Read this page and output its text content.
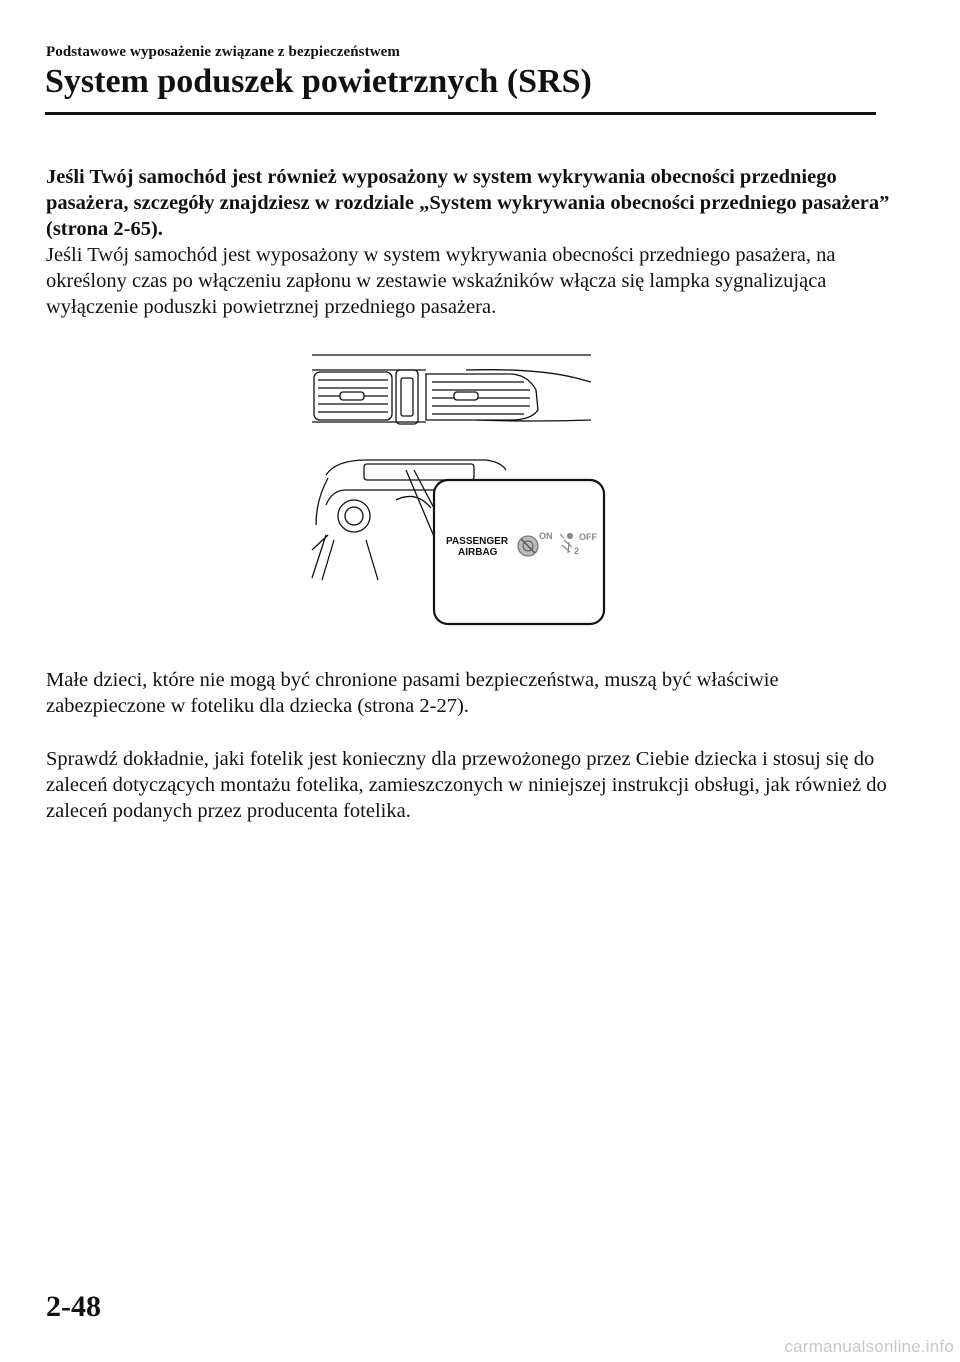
Podstawowe wyposażenie związane z bezpieczeństwem
System poduszek powietrznych (SRS)

Jeśli Twój samochód jest również wyposażony w system wykrywania obecności przedniego pasażera, szczegóły znajdziesz w rozdziale „System wykrywania obecności przedniego pasażera” (strona 2-65).

Jeśli Twój samochód jest wyposażony w system wykrywania obecności przedniego pasażera, na określony czas po włączeniu zapłonu w zestawie wskaźników włącza się lampka sygnalizująca wyłączenie poduszki powietrznej przedniego pasażera.

PASSENGER
AIRBAG
ON	OFF
2

Małe dzieci, które nie mogą być chronione pasami bezpieczeństwa, muszą być właściwie zabezpieczone w foteliku dla dziecka (strona 2-27).

Sprawdź dokładnie, jaki fotelik jest konieczny dla przewożonego przez Ciebie dziecka i stosuj się do zaleceń dotyczących montażu fotelika, zamieszczonych w niniejszej instrukcji obsługi, jak również do zaleceń podanych przez producenta fotelika.

2-48
carmanualsonline.info
